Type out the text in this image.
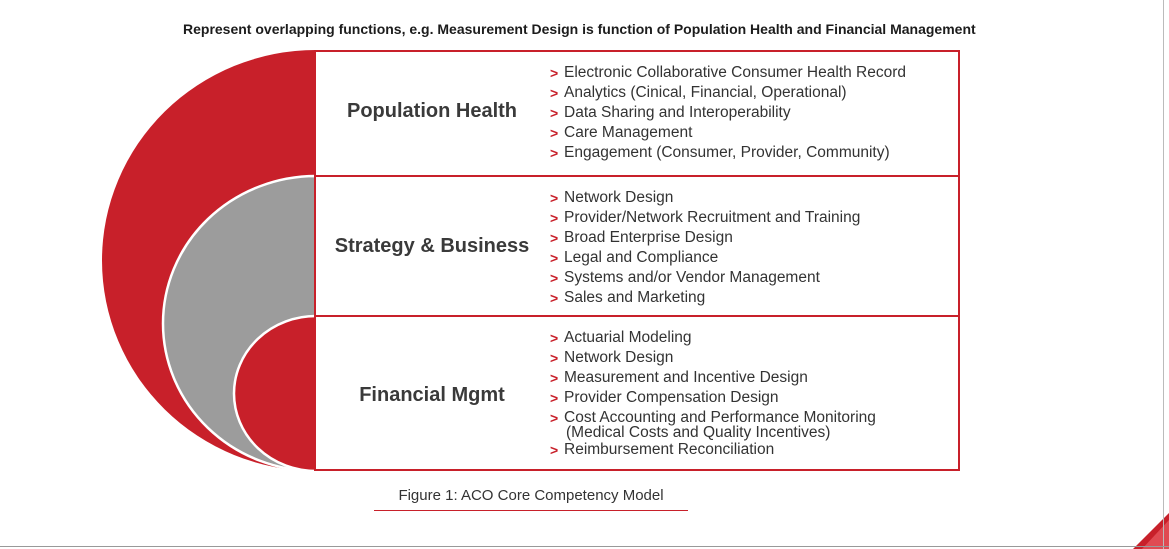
Represent overlapping functions, e.g. Measurement Design is function of Population Health and Financial Management
Population Health
> Electronic Collaborative Consumer Health Record
> Analytics (Cinical, Financial, Operational)
> Data Sharing and Interoperability
> Care Management
> Engagement (Consumer, Provider, Community)
Strategy & Business
> Network Design
> Provider/Network Recruitment and Training
> Broad Enterprise Design
> Legal and Compliance
> Systems and/or Vendor Management
> Sales and Marketing
Financial Mgmt
> Actuarial Modeling
> Network Design
> Measurement and Incentive Design
> Provider Compensation Design
> Cost Accounting and Performance Monitoring
(Medical Costs and Quality Incentives)
> Reimbursement Reconciliation
Figure 1: ACO Core Competency Model
